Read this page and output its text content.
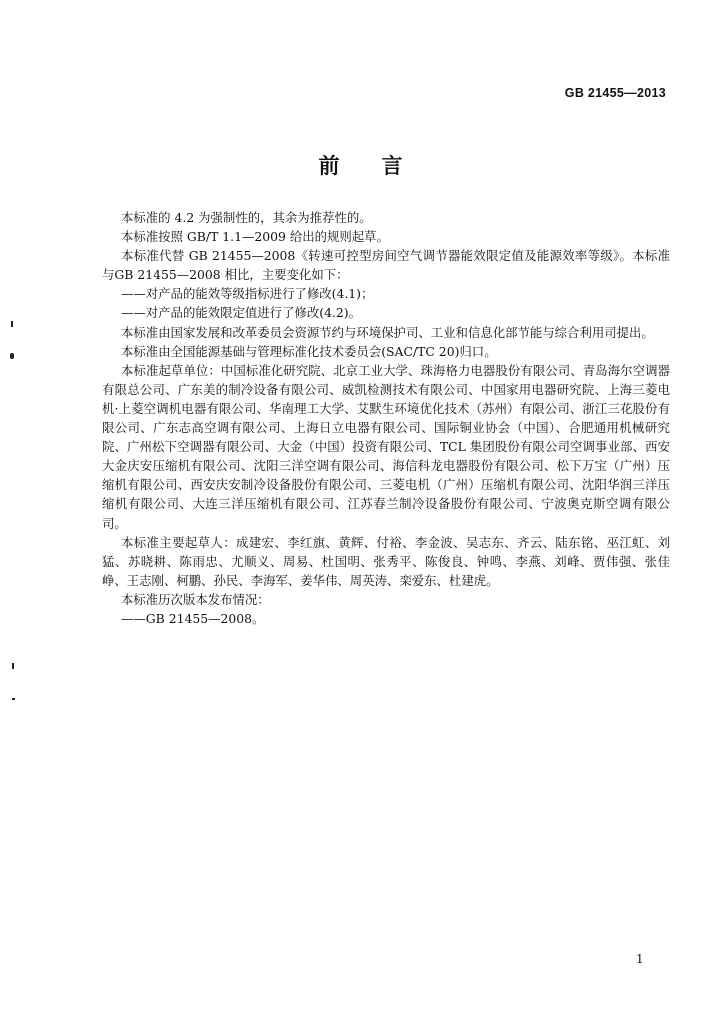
GB 21455—2013
前 言

本标准的 4.2 为强制性的，其余为推荐性的。

本标准按照 GB/T 1.1—2009 给出的规则起草。

本标准代替 GB 21455—2008《转速可控型房间空气调节器能效限定值及能源效率等级》。本标准与GB 21455—2008 相比，主要变化如下：

——对产品的能效等级指标进行了修改(4.1)；

——对产品的能效限定值进行了修改(4.2)。

本标准由国家发展和改革委员会资源节约与环境保护司、工业和信息化部节能与综合利用司提出。

本标准由全国能源基础与管理标准化技术委员会(SAC/TC 20)归口。

本标准起草单位：中国标准化研究院、北京工业大学、珠海格力电器股份有限公司、青岛海尔空调器有限总公司、广东美的制冷设备有限公司、威凯检测技术有限公司、中国家用电器研究院、上海三菱电机·上菱空调机电器有限公司、华南理工大学、艾默生环境优化技术（苏州）有限公司、浙江三花股份有限公司、广东志高空调有限公司、上海日立电器有限公司、国际铜业协会（中国）、合肥通用机械研究院、广州松下空调器有限公司、大金（中国）投资有限公司、TCL 集团股份有限公司空调事业部、西安大金庆安压缩机有限公司、沈阳三洋空调有限公司、海信科龙电器股份有限公司、松下万宝（广州）压缩机有限公司、西安庆安制冷设备股份有限公司、三菱电机（广州）压缩机有限公司、沈阳华润三洋压缩机有限公司、大连三洋压缩机有限公司、江苏春兰制冷设备股份有限公司、宁波奥克斯空调有限公司。

本标准主要起草人：成建宏、李红旗、黄辉、付裕、李金波、吴志东、齐云、陆东铭、巫江虹、刘猛、苏晓耕、陈雨忠、尤顺义、周易、杜国明、张秀平、陈俊良、钟鸣、李燕、刘峰、贾伟强、张佳峥、王志刚、柯鹏、孙民、李海军、姜华伟、周英涛、栾爱东、杜建虎。

本标准历次版本发布情况：

——GB 21455—2008。

1
